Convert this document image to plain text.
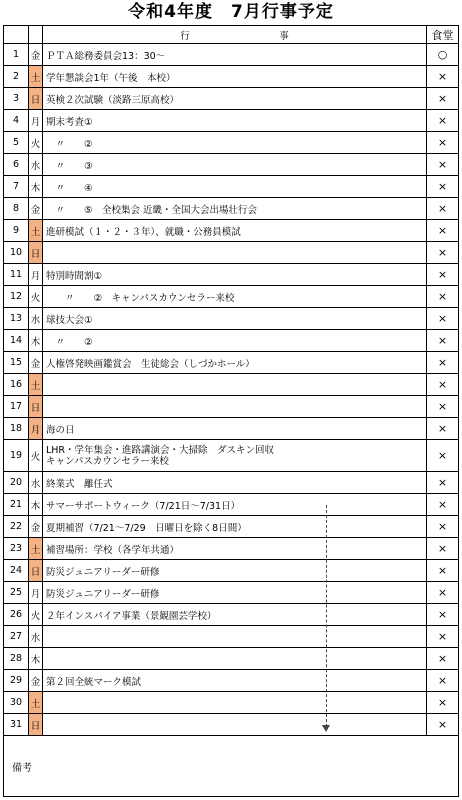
令和4年度　7月行事予定
		行　事	食堂
1	金	ＰＴＡ総務委員会13：30～	○
2	土	学年懇談会1年（午後　本校）	×
3	日	英検２次試験（淡路三原高校）	×
4	月	期末考査①	×
5	火	　〃　　②	×
6	水	　〃　　③	×
7	木	　〃　　④	×
8	金	　〃　　⑤　全校集会 近畿・全国大会出場壮行会	×
9	土	進研模試（１・２・３年）、就職・公務員模試	×
10	日		×
11	月	特別時間割①	×
12	火	　　〃　　②　キャンパスカウンセラー来校	×
13	水	球技大会①	×
14	木	　〃　　②	×
15	金	人権啓発映画鑑賞会　生徒総会（しづかホール）	×
16	土		×
17	日		×
18	月	海の日	×
19	火	LHR・学年集会・進路講演会・大掃除　ダスキン回収
キャンパスカウンセラー来校	×
20	水	終業式　離任式	×
21	木	サマーサポートウィーク（7/21日～7/31日）	×
22	金	夏期補習（7/21～7/29　日曜日を除く8日間）	×
23	土	補習場所：学校（各学年共通）	×
24	日	防災ジュニアリーダー研修	×
25	月	防災ジュニアリーダー研修	×
26	火	２年インスパイア事業（景観園芸学校）	×
27	水		×
28	木		×
29	金	第２回全統マーク模試	×
30	土		×
31	日		×
備考			
